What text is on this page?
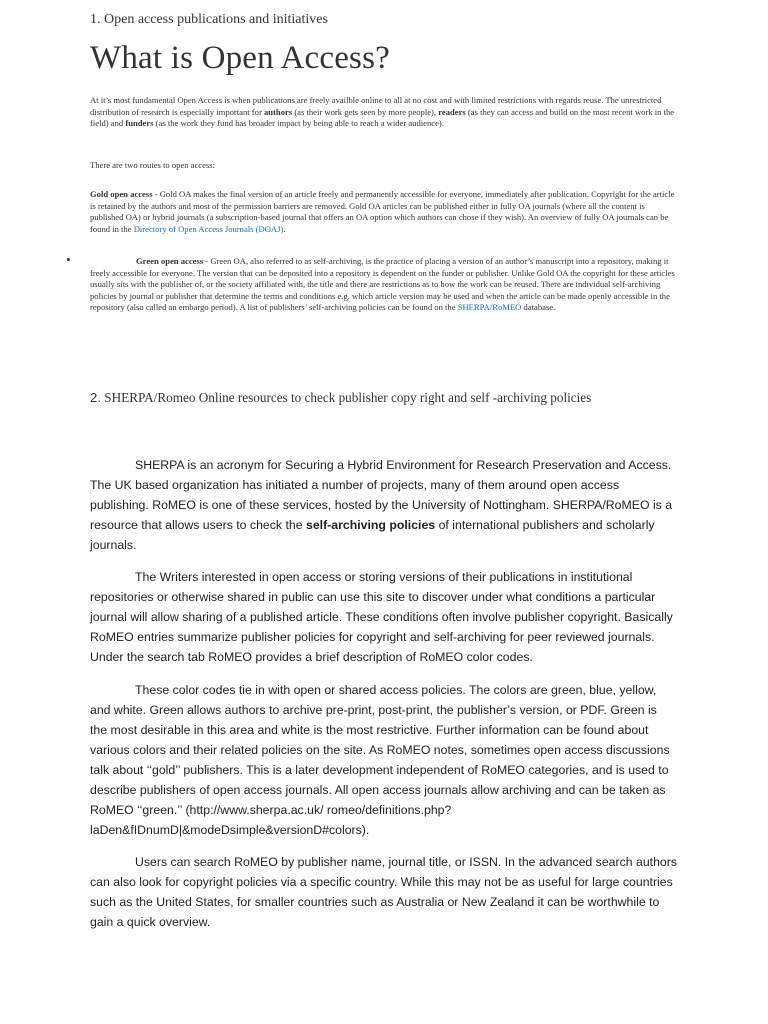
1. Open access publications and initiatives
What is Open Access?
At it’s most fundamental Open Access is when publications are freely availble online to all at no cost and with limited restrictions with regards reuse. The unrestricted distribution of research is especially important for authors (as their work gets seen by more people), readers (as they can access and build on the most recent work in the field) and funders (as the work they fund has broader impact by being able to reach a wider audience).
There are two routes to open access:
Gold open access - Gold OA makes the final version of an article freely and permanently accessible for everyone, immediately after publication. Copyright for the article is retained by the authors and most of the permission barriers are removed. Gold OA articles can be published either in fully OA journals (where all the content is published OA) or hybrid journals (a subscription-based journal that offers an OA option which authors can chose if they wish). An overview of fully OA journals can be found in the Directory of Open Access Journals (DOAJ).
•	Green open access - Green OA, also referred to as self-archiving, is the practice of placing a version of an author’s manuscript into a repository, making it freely accessible for everyone. The version that can be deposited into a repository is dependent on the funder or publisher. Unlike Gold OA the copyright for these articles usually sits with the publisher of, or the society affiliated with, the title and there are restrictions as to how the work can be reused. There are individual self-archiving policies by journal or publisher that determine the terms and conditions e.g. which article version may be used and when the article can be made openly accessible in the repository (also called an embargo period). A list of publishers’ self-archiving policies can be found on the SHERPA/RoMEO database.
2. SHERPA/Romeo Online resources to check publisher copy right and self -archiving policies

SHERPA is an acronym for Securing a Hybrid Environment for Research Preservation and Access. The UK based organization has initiated a number of projects, many of them around open access publishing. RoMEO is one of these services, hosted by the University of Nottingham. SHERPA/RoMEO is a resource that allows users to check the self-archiving policies of international publishers and scholarly journals.

The Writers interested in open access or storing versions of their publications in institutional repositories or otherwise shared in public can use this site to discover under what conditions a particular journal will allow sharing of a published article. These conditions often involve publisher copyright. Basically RoMEO entries summarize publisher policies for copyright and self-archiving for peer reviewed journals. Under the search tab RoMEO provides a brief description of RoMEO color codes.

These color codes tie in with open or shared access policies. The colors are green, blue, yellow, and white. Green allows authors to archive pre-print, post-print, the publisher’s version, or PDF. Green is the most desirable in this area and white is the most restrictive. Further information can be found about various colors and their related policies on the site. As RoMEO notes, sometimes open access discussions talk about ‘‘gold’’ publishers. This is a later development independent of RoMEO categories, and is used to describe publishers of open access journals. All open access journals allow archiving and can be taken as RoMEO ‘‘green.’’ (http://www.sherpa.ac.uk/ romeo/definitions.php?laDen&fIDnumD|&modeDsimple&versionD#colors).

Users can search RoMEO by publisher name, journal title, or ISSN. In the advanced search authors can also look for copyright policies via a specific country. While this may not be as useful for large countries such as the United States, for smaller countries such as Australia or New Zealand it can be worthwhile to gain a quick overview.
